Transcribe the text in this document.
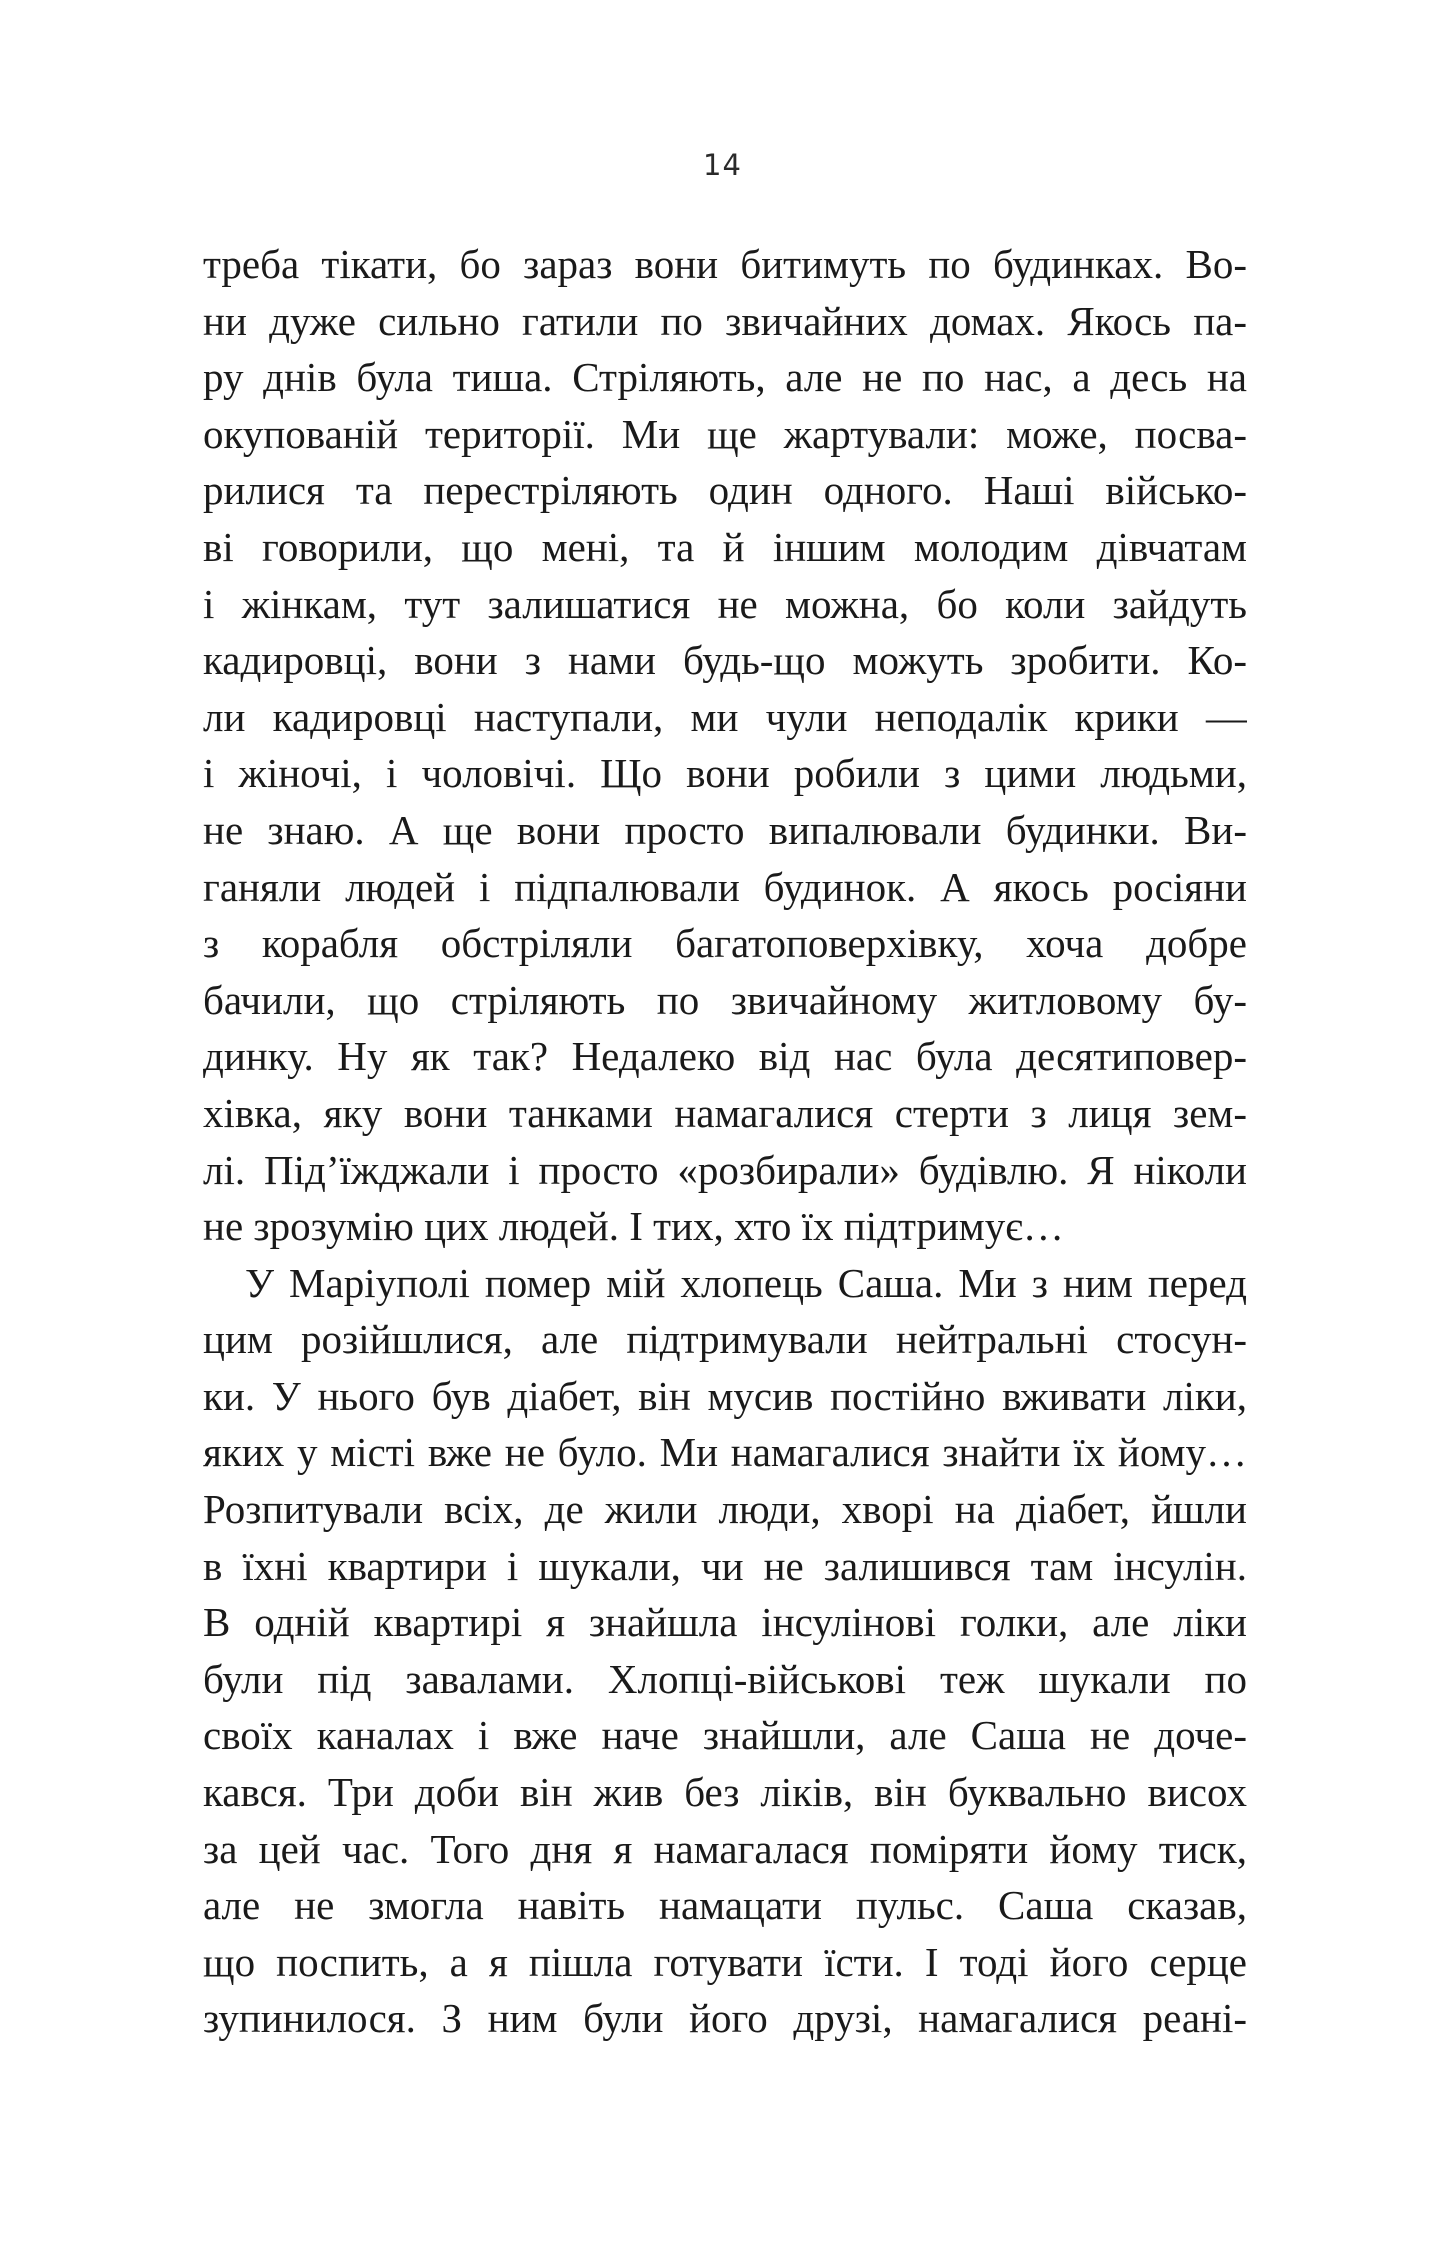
14
треба тікати, бо зараз вони битимуть по будинках. Во-
ни дуже сильно гатили по звичайних домах. Якось па-
ру днів була тиша. Стріляють, але не по нас, а десь на
окупованій території. Ми ще жартували: може, посва-
рилися та перестріляють один одного. Наші військо-
ві говорили, що мені, та й іншим молодим дівчатам
і жінкам, тут залишатися не можна, бо коли зайдуть
кадировці, вони з нами будь-що можуть зробити. Ко-
ли кадировці наступали, ми чули неподалік крики —
і жіночі, і чоловічі. Що вони робили з цими людьми,
не знаю. А ще вони просто випалювали будинки. Ви-
ганяли людей і підпалювали будинок. А якось росіяни
з корабля обстріляли багатоповерхівку, хоча добре
бачили, що стріляють по звичайному житловому бу-
динку. Ну як так? Недалеко від нас була десятиповер-
хівка, яку вони танками намагалися стерти з лиця зем-
лі. Під’їжджали і просто «розбирали» будівлю. Я ніколи
не зрозумію цих людей. І тих, хто їх підтримує…
У Маріуполі помер мій хлопець Саша. Ми з ним перед
цим розійшлися, але підтримували нейтральні стосун-
ки. У нього був діабет, він мусив постійно вживати ліки,
яких у місті вже не було. Ми намагалися знайти їх йому…
Розпитували всіх, де жили люди, хворі на діабет, йшли
в їхні квартири і шукали, чи не залишився там інсулін.
В одній квартирі я знайшла інсулінові голки, але ліки
були під завалами. Хлопці-військові теж шукали по
своїх каналах і вже наче знайшли, але Саша не доче-
кався. Три доби він жив без ліків, він буквально висох
за цей час. Того дня я намагалася поміряти йому тиск,
але не змогла навіть намацати пульс. Саша сказав,
що поспить, а я пішла готувати їсти. І тоді його серце
зупинилося. З ним були його друзі, намагалися реані-
